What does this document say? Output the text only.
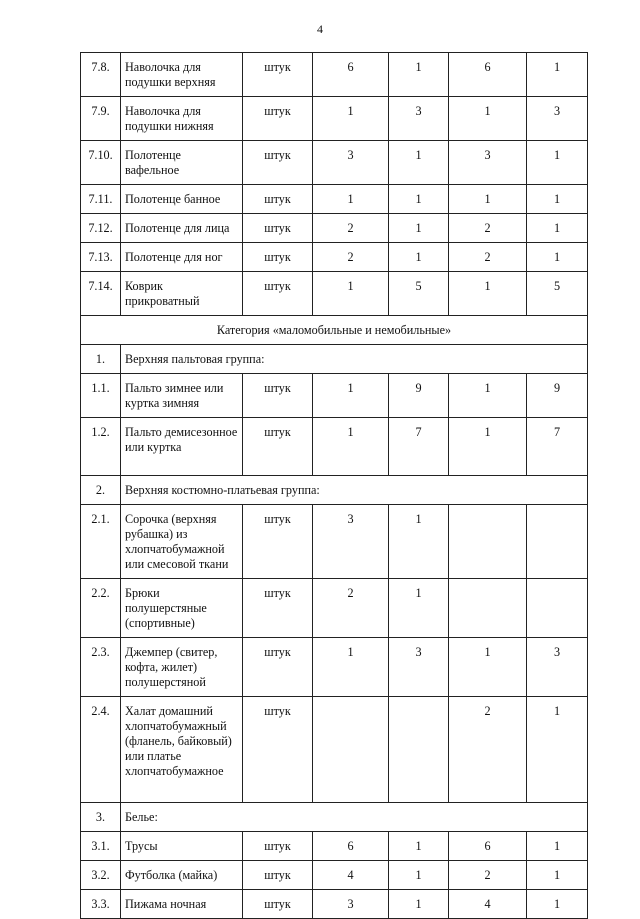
4
7.8.	Наволочка для подушки верхняя	штук	6	1	6	1
7.9.	Наволочка для подушки нижняя	штук	1	3	1	3
7.10.	Полотенце вафельное	штук	3	1	3	1
7.11.	Полотенце банное	штук	1	1	1	1
7.12.	Полотенце для лица	штук	2	1	2	1
7.13.	Полотенце для ног	штук	2	1	2	1
7.14.	Коврик прикроватный	штук	1	5	1	5
Категория «маломобильные и немобильные»						
1.	Верхняя пальтовая группа:					
1.1.	Пальто зимнее или куртка зимняя	штук	1	9	1	9
1.2.	Пальто демисезонное или куртка	штук	1	7	1	7
2.	Верхняя костюмно-платьевая группа:					
2.1.	Сорочка (верхняя рубашка) из хлопчатобумажной или смесовой ткани	штук	3	1		
2.2.	Брюки полушерстяные (спортивные)	штук	2	1		
2.3.	Джемпер (свитер, кофта, жилет) полушерстяной	штук	1	3	1	3
2.4.	Халат домашний хлопчатобумажный (фланель, байковый) или платье хлопчатобумажное	штук			2	1
3.	Белье:					
3.1.	Трусы	штук	6	1	6	1
3.2.	Футболка (майка)	штук	4	1	2	1
3.3.	Пижама ночная	штук	3	1	4	1
